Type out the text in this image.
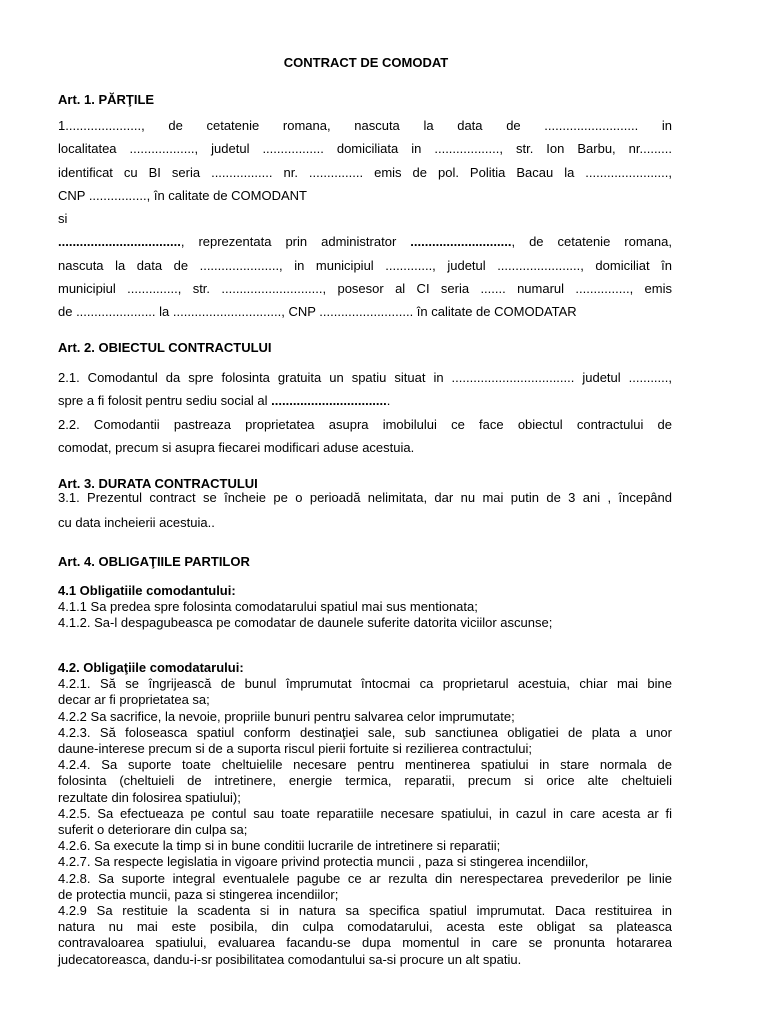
CONTRACT DE COMODAT
Art. 1. PĂRŢILE

1....................., de cetatenie romana, nascuta la data de .......................... in

localitatea .................., judetul ................. domiciliata in .................., str. Ion Barbu, nr.........

identificat cu BI seria ................. nr. ............... emis de pol. Politia Bacau la .......................,

CNP ................, în calitate de COMODANT

si

.................................., reprezentata prin administrator ............................, de cetatenie romana,

nascuta la data de ......................, in municipiul ............., judetul ......................., domiciliat în

municipiul .............., str. ............................, posesor al CI seria ....... numarul ..............., emis

de ...................... la .............................., CNP .......................... în calitate de COMODATAR

Art. 2. OBIECTUL CONTRACTULUI

2.1. Comodantul da spre folosinta gratuita un spatiu situat in .................................. judetul ...........,

spre a fi folosit pentru sediu social al .................................

2.2. Comodantii pastreaza proprietatea asupra imobilului ce face obiectul contractului de

comodat, precum si asupra fiecarei modificari aduse acestuia.

Art. 3. DURATA CONTRACTULUI

3.1. Prezentul contract se încheie pe o perioadă nelimitata, dar nu mai putin de 3 ani , începând

cu data incheierii acestuia..

Art. 4. OBLIGAŢIILE PARTILOR

4.1 Obligatiile comodantului:

4.1.1 Sa predea spre folosinta comodatarului spatiul mai sus mentionata;

4.1.2. Sa-l despagubeasca pe comodatar de daunele suferite datorita viciilor ascunse;

4.2. Obligaţiile comodatarului:

4.2.1. Să se îngrijească de bunul împrumutat întocmai ca proprietarul acestuia, chiar mai bine

decar ar fi proprietatea sa;

4.2.2 Sa sacrifice, la nevoie, propriile bunuri pentru salvarea celor imprumutate;

4.2.3. Să foloseasca spatiul conform destinaţiei sale, sub sanctiunea obligatiei de plata a unor

daune-interese precum si de a suporta riscul pierii fortuite si rezilierea contractului;

4.2.4. Sa suporte toate cheltuielile necesare pentru mentinerea spatiului in stare normala de

folosinta (cheltuieli de intretinere, energie termica, reparatii, precum si orice alte cheltuieli

rezultate din folosirea spatiului);

4.2.5. Sa efectueaza pe contul sau toate reparatiile necesare spatiului, in cazul in care acesta ar fi

suferit o deteriorare din culpa sa;

4.2.6. Sa execute la timp si in bune conditii lucrarile de intretinere si reparatii;

4.2.7. Sa respecte legislatia in vigoare privind protectia muncii , paza si stingerea incendiilor,

4.2.8. Sa suporte integral eventualele pagube ce ar rezulta din nerespectarea prevederilor pe linie

de protectia muncii, paza si stingerea incendiilor;

4.2.9 Sa restituie la scadenta si in natura sa specifica spatiul imprumutat. Daca restituirea in

natura nu mai este posibila, din culpa comodatarului, acesta este obligat sa plateasca

contravaloarea spatiului, evaluarea facandu-se dupa momentul in care se pronunta hotararea

judecatoreasca, dandu-i-sr posibilitatea comodantului sa-si procure un alt spatiu.
